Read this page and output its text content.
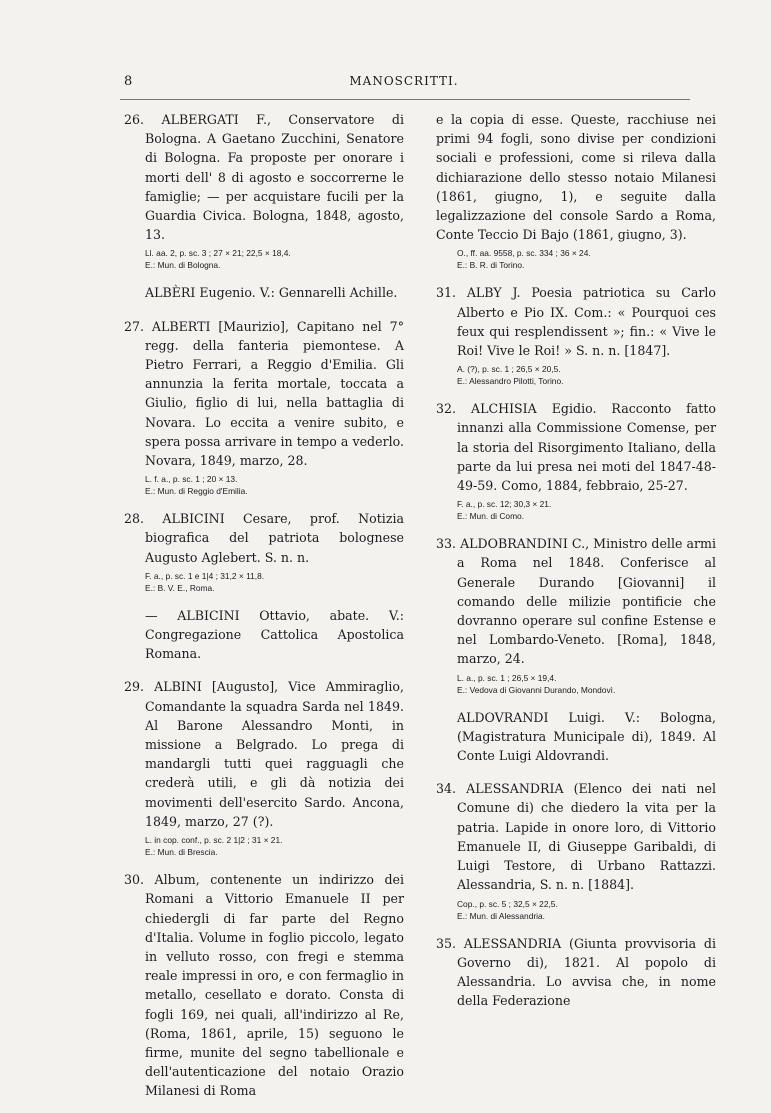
8	MANOSCRITTI.

26. ALBERGATI F., Conservatore di Bologna. A Gaetano Zucchini, Senatore di Bologna. Fa proposte per onorare i morti dell' 8 di agosto e soccorrerne le famiglie; — per acquistare fucili per la Guardia Civica. Bologna, 1848, agosto, 13.

Ll. aa. 2, p. sc. 3 ; 27 × 21; 22,5 × 18,4.
E.: Mun. di Bologna.
ALBÈRI Eugenio. V.: Gennarelli Achille.

27. ALBERTI [Maurizio], Capitano nel 7° regg. della fanteria piemontese. A Pietro Ferrari, a Reggio d'Emilia. Gli annunzia la ferita mortale, toccata a Giulio, figlio di lui, nella battaglia di Novara. Lo eccita a venire subito, e spera possa arrivare in tempo a vederlo. Novara, 1849, marzo, 28.

L. f. a., p. sc. 1 ; 20 × 13.
E.: Mun. di Reggio d'Emilia.

28. ALBICINI Cesare, prof. Notizia biografica del patriota bolognese Augusto Aglebert. S. n. n.

F. a., p. sc. 1 e 1|4 ; 31,2 × 11,8.
E.: B. V. E., Roma.
— ALBICINI Ottavio, abate. V.: Congregazione Cattolica Apostolica Romana.

29. ALBINI [Augusto], Vice Ammiraglio, Comandante la squadra Sarda nel 1849. Al Barone Alessandro Monti, in missione a Belgrado. Lo prega di mandargli tutti quei ragguagli che crederà utili, e gli dà notizia dei movimenti dell'esercito Sardo. Ancona, 1849, marzo, 27 (?).

L. in cop. conf., p. sc. 2 1|2 ; 31 × 21.
E.: Mun. di Brescia.

30. Album, contenente un indirizzo dei Romani a Vittorio Emanuele II per chiedergli di far parte del Regno d'Italia. Volume in foglio piccolo, legato in velluto rosso, con fregi e stemma reale impressi in oro, e con fermaglio in metallo, cesellato e dorato. Consta di fogli 169, nei quali, all'indirizzo al Re, (Roma, 1861, aprile, 15) seguono le firme, munite del segno tabellionale e dell'autenticazione del notaio Orazio Milanesi di Roma

e la copia di esse. Queste, racchiuse nei primi 94 fogli, sono divise per condizioni sociali e professioni, come si rileva dalla dichiarazione dello stesso notaio Milanesi (1861, giugno, 1), e seguite dalla legalizzazione del console Sardo a Roma, Conte Teccio Di Bajo (1861, giugno, 3).

O., ff. aa. 9558, p. sc. 334 ; 36 × 24.
E.: B. R. di Torino.

31. ALBY J. Poesia patriotica su Carlo Alberto e Pio IX. Com.: « Pourquoi ces feux qui resplendissent »; fin.: « Vive le Roi! Vive le Roi! » S. n. n. [1847].

A. (?), p. sc. 1 ; 26,5 × 20,5.
E.: Alessandro Pilotti, Torino.

32. ALCHISIA Egidio. Racconto fatto innanzi alla Commissione Comense, per la storia del Risorgimento Italiano, della parte da lui presa nei moti del 1847-48-49-59. Como, 1884, febbraio, 25-27.

F. a., p. sc. 12; 30,3 × 21.
E.: Mun. di Como.

33. ALDOBRANDINI C., Ministro delle armi a Roma nel 1848. Conferisce al Generale Durando [Giovanni] il comando delle milizie pontificie che dovranno operare sul confine Estense e nel Lombardo-Veneto. [Roma], 1848, marzo, 24.

L. a., p. sc. 1 ; 26,5 × 19,4.
E.: Vedova di Giovanni Durando, Mondovì.
ALDOVRANDI Luigi. V.: Bologna, (Magistratura Municipale di), 1849. Al Conte Luigi Aldovrandi.

34. ALESSANDRIA (Elenco dei nati nel Comune di) che diedero la vita per la patria. Lapide in onore loro, di Vittorio Emanuele II, di Giuseppe Garibaldi, di Luigi Testore, di Urbano Rattazzi. Alessandria, S. n. n. [1884].

Cop., p. sc. 5 ; 32,5 × 22,5.
E.: Mun. di Alessandria.

35. ALESSANDRIA (Giunta provvisoria di Governo di), 1821. Al popolo di Alessandria. Lo avvisa che, in nome della Federazione
